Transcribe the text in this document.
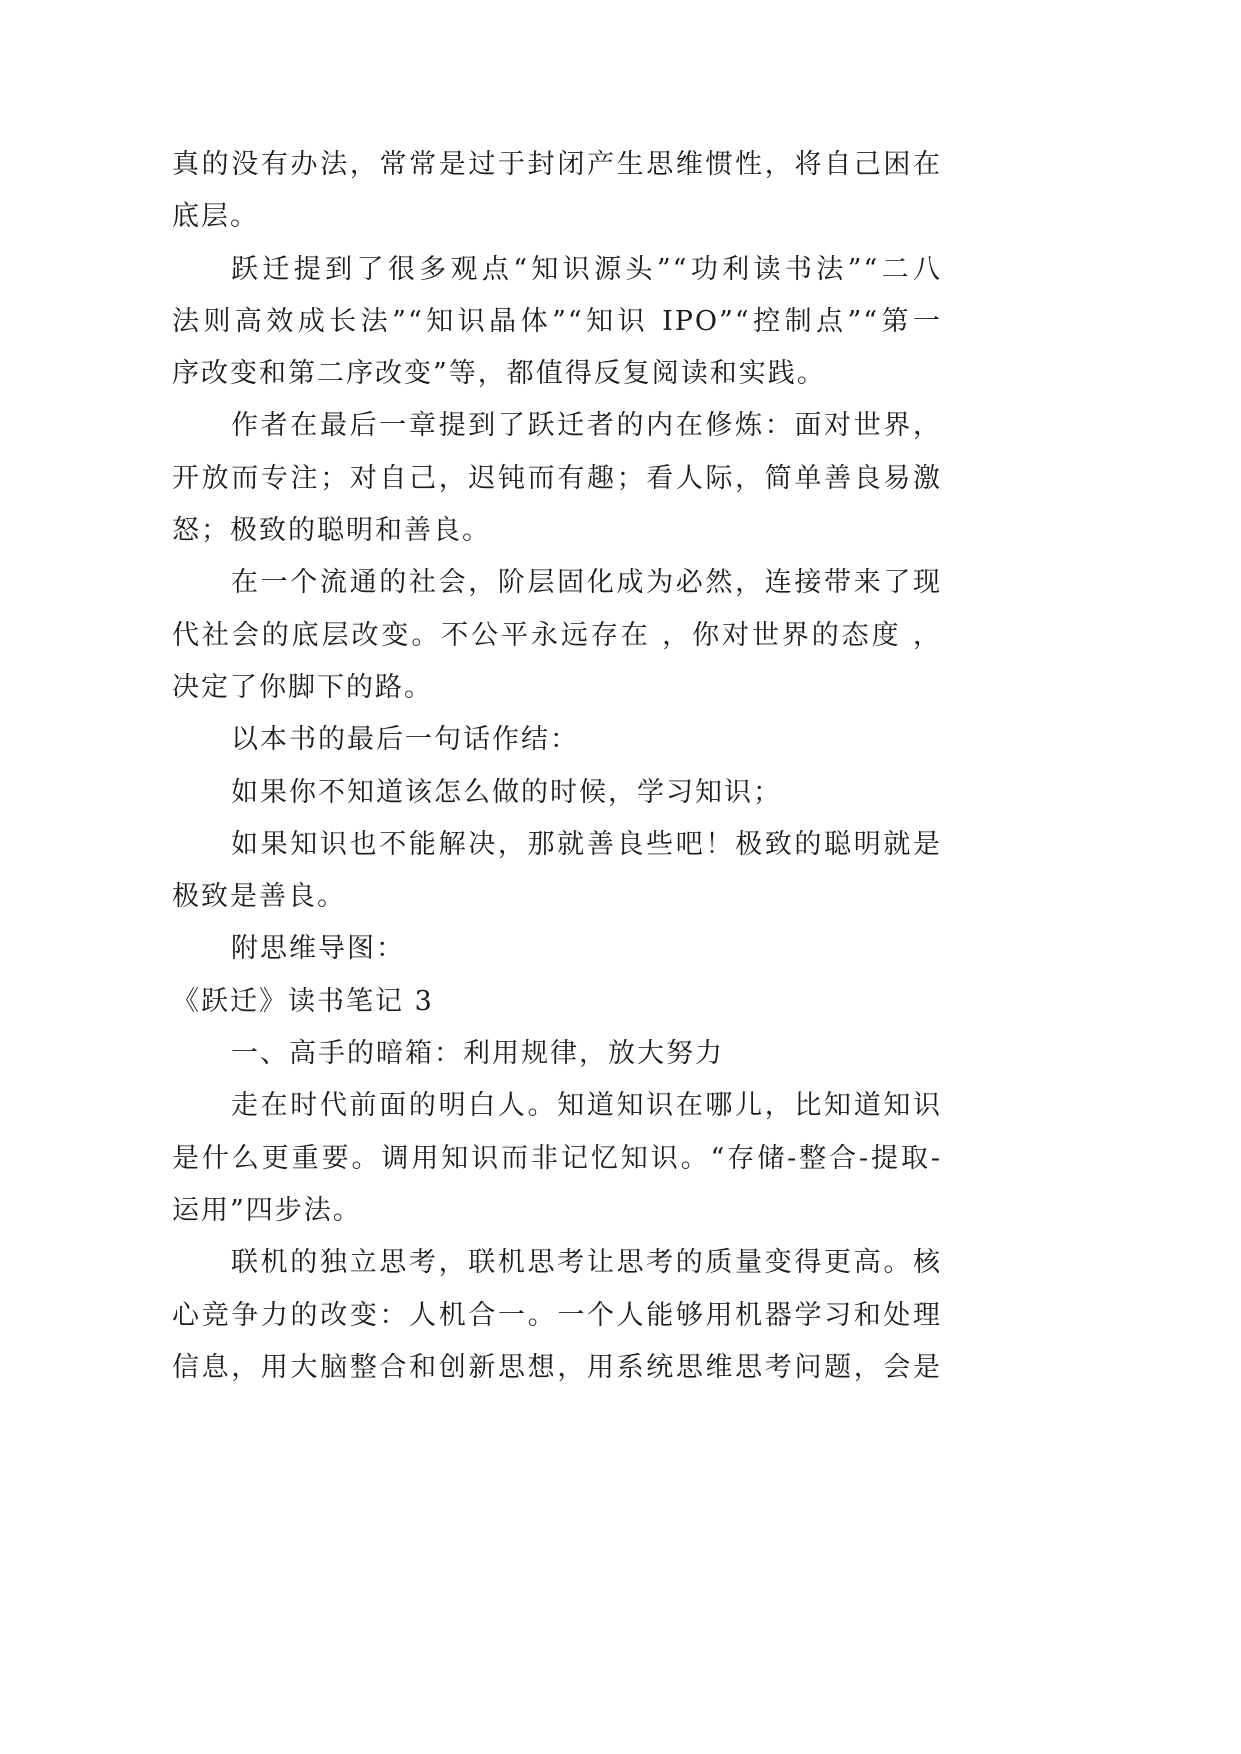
真的没有办法，常常是过于封闭产生思维惯性，将自己困在
底层。
跃迁提到了很多观点“知识源头”“功利读书法”“二八
法则高效成长法”“知识晶体”“知识 IPO”“控制点”“第一
序改变和第二序改变”等，都值得反复阅读和实践。
作者在最后一章提到了跃迁者的内在修炼：面对世界，
开放而专注；对自己，迟钝而有趣；看人际，简单善良易激
怒；极致的聪明和善良。
在一个流通的社会，阶层固化成为必然，连接带来了现
代社会的底层改变。不公平永远存在 ，你对世界的态度 ，
决定了你脚下的路。
以本书的最后一句话作结：
如果你不知道该怎么做的时候，学习知识；
如果知识也不能解决，那就善良些吧！极致的聪明就是
极致是善良。
附思维导图：
《跃迁》读书笔记 3
一、高手的暗箱：利用规律，放大努力
走在时代前面的明白人。知道知识在哪儿，比知道知识
是什么更重要。调用知识而非记忆知识。“存储-整合-提取-
运用”四步法。
联机的独立思考，联机思考让思考的质量变得更高。核
心竞争力的改变：人机合一。一个人能够用机器学习和处理
信息，用大脑整合和创新思想，用系统思维思考问题，会是
